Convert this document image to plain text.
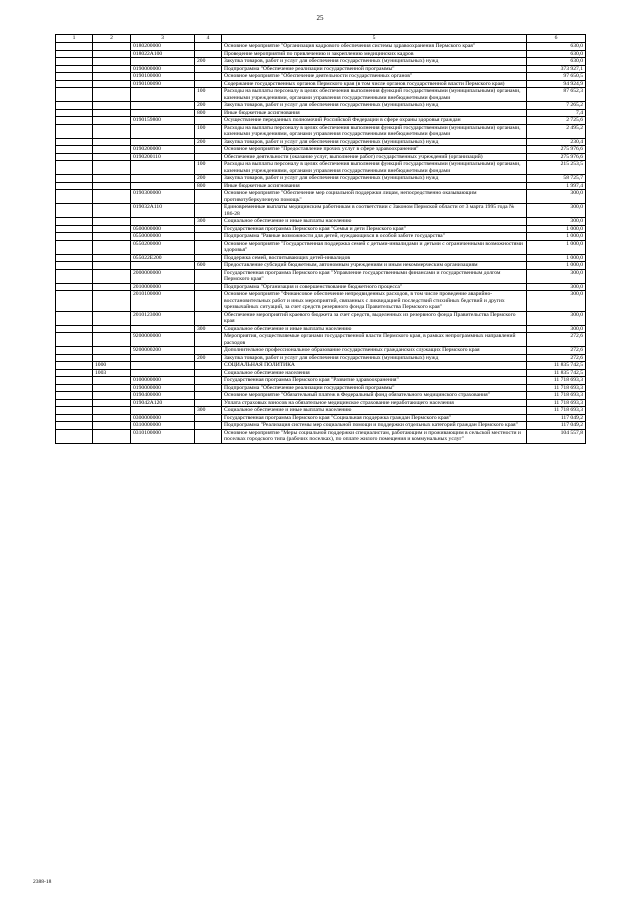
25
1	2	3	4	5	6
		0180200000		Основное мероприятие "Организация кадрового обеспечения системы здравоохранения Пермского края"	630,0
		018022А100		Проведение мероприятий по привлечению и закреплению медицинских кадров	630,0
			200	Закупка товаров, работ и услуг для обеспечения государственных (муниципальных) нужд	630,0
		0190000000		Подпрограмма "Обеспечение реализации государственной программы"	373 927,1
		0190100000		Основное мероприятие "Обеспечение деятельности государственных органов"	97 650,5
		0190100090		Содержание государственных органов Пермского края (в том числе органов государственной власти Пермского края)	94 924,9
			100	Расходы на выплаты персоналу в целях обеспечения выполнения функций государственными (муниципальными) органами, казенными учреждениями, органами управления государственными внебюджетными фондами	87 652,3
			200	Закупка товаров, работ и услуг для обеспечения государственных (муниципальных) нужд	7 265,2
			800	Иные бюджетные ассигнования	7,4
		0190159800		Осуществление переданных полномочий Российской Федерации в сфере охраны здоровья граждан	2 725,6
			100	Расходы на выплаты персоналу в целях обеспечения выполнения функций государственными (муниципальными) органами, казенными учреждениями, органами управления государственными внебюджетными фондами	2 495,2
			200	Закупка товаров, работ и услуг для обеспечения государственных (муниципальных) нужд	230,4
		0190200000		Основное мероприятие "Предоставление прочих услуг в сфере здравоохранения"	275 976,6
		0190200110		Обеспечение деятельности (оказание услуг, выполнение работ) государственных учреждений (организаций)	275 976,6
			100	Расходы на выплаты персоналу в целях обеспечения выполнения функций государственными (муниципальными) органами, казенными учреждениями, органами управления государственными внебюджетными фондами	215 253,5
			200	Закупка товаров, работ и услуг для обеспечения государственных (муниципальных) нужд	58 725,7
			800	Иные бюджетные ассигнования	1 997,4
		0190300000		Основное мероприятие "Обеспечение мер социальной поддержки лицам, непосредственно оказывающим противотуберкулезную помощь"	300,0
		019032А110		Единовременные выплаты медицинским работникам в соответствии с Законом Пермской области от 3 марта 1995 года № 186-28	300,0
			300	Социальное обеспечение и иные выплаты населению	300,0
		0500000000		Государственная программа Пермского края "Семья и дети Пермского края"	1 000,0
		0550000000		Подпрограмма "Равные возможности для детей, нуждающихся в особой заботе государства"	1 000,0
		0550200000		Основное мероприятие "Государственная поддержка семей с детьми-инвалидами и детьми с ограниченными возможностями здоровья"	1 000,0
		055022Е200		Поддержка семей, воспитывающих детей-инвалидов	1 000,0
			600	Предоставление субсидий бюджетным, автономным учреждениям и иным некоммерческим организациям	1 000,0
		2000000000		Государственная программа Пермского края "Управление государственными финансами и государственным долгом Пермского края"	300,0
		2010000000		Подпрограмма "Организация и совершенствование бюджетного процесса"	300,0
		2010100000		Основное мероприятие "Финансовое обеспечение непредвиденных расходов, в том числе проведение аварийно-восстановительных работ и иных мероприятий, связанных с ликвидацией последствий стихийных бедствий и других чрезвычайных ситуаций, за счет средств резервного фонда Правительства Пермского края"	300,0
		2010123000		Обеспечение мероприятий краевого бюджета за счет средств, выделенных из резервного фонда Правительства Пермского края	300,0
			300	Социальное обеспечение и иные выплаты населению	300,0
		9200000000		Мероприятия, осуществляемые органами государственной власти Пермского края, в рамках непрограммных направлений расходов	272,6
		9200000200		Дополнительное профессиональное образование государственных гражданских служащих Пермского края	272,6
			200	Закупка товаров, работ и услуг для обеспечения государственных (муниципальных) нужд	272,6
	1000			СОЦИАЛЬНАЯ ПОЛИТИКА	11 835 742,5
	1003			Социальное обеспечение населения	11 835 742,5
		0100000000		Государственная программа Пермского края "Развитие здравоохранения"	11 718 693,3
		0190000000		Подпрограмма "Обеспечение реализации государственной программы"	11 718 693,3
		0190400000		Основное мероприятие "Обязательный платеж в Федеральный фонд обязательного медицинского страхования"	11 718 693,3
		019042А120		Уплата страховых взносов на обязательное медицинское страхование неработающего населения	11 718 693,3
			300	Социальное обеспечение и иные выплаты населению	11 718 693,3
		0300000000		Государственная программа Пермского края "Социальная поддержка граждан Пермского края"	117 049,2
		0310000000		Подпрограмма "Реализация системы мер социальной помощи и поддержки отдельных категорий граждан Пермского края"	117 049,2
		0310100000		Основное мероприятие "Меры социальной поддержки специалистам, работающим и проживающим в сельской местности и поселках городского типа (рабочих поселках), по оплате жилого помещения и коммунальных услуг"	104 557,8
2388-18
